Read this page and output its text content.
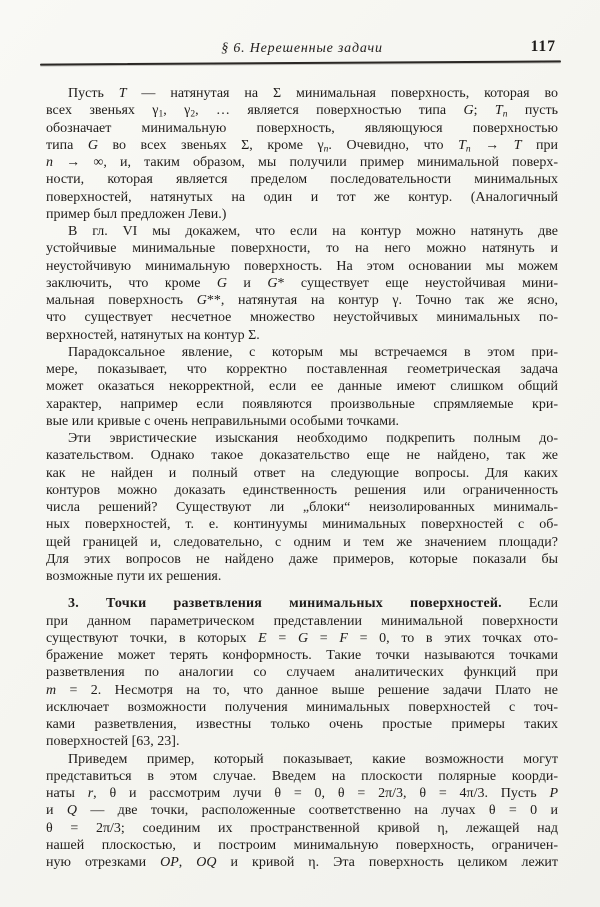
§ 6. Нерешенные задачи	117
Пусть T — натянутая на Σ минимальная поверхность, которая во
всех звеньях $\gamma_1$, $\gamma_2$, … является поверхностью типа G; $T_n$ пусть
обозначает минимальную поверхность, являющуюся поверхностью
типа G во всех звеньях Σ, кроме $\gamma_n$. Очевидно, что $T_n \to T$ при
n → ∞, и, таким образом, мы получили пример минимальной поверх-
ности, которая является пределом последовательности минимальных
поверхностей, натянутых на один и тот же контур. (Аналогичный
пример был предложен Леви.)
В гл. VI мы докажем, что если на контур можно натянуть две
устойчивые минимальные поверхности, то на него можно натянуть и
неустойчивую минимальную поверхность. На этом основании мы можем
заключить, что кроме G и G* существует еще неустойчивая мини-
мальная поверхность G**, натянутая на контур γ. Точно так же ясно,
что существует несчетное множество неустойчивых минимальных по-
верхностей, натянутых на контур Σ.
Парадоксальное явление, с которым мы встречаемся в этом при-
мере, показывает, что корректно поставленная геометрическая задача
может оказаться некорректной, если ее данные имеют слишком общий
характер, например если появляются произвольные спрямляемые кри-
вые или кривые с очень неправильными особыми точками.
Эти эвристические изыскания необходимо подкрепить полным до-
казательством. Однако такое доказательство еще не найдено, так же
как не найден и полный ответ на следующие вопросы. Для каких
контуров можно доказать единственность решения или ограниченность
числа решений? Существуют ли „блоки“ неизолированных минималь-
ных поверхностей, т. е. континуумы минимальных поверхностей с об-
щей границей и, следовательно, с одним и тем же значением площади?
Для этих вопросов не найдено даже примеров, которые показали бы
возможные пути их решения.
3. Точки разветвления минимальных поверхностей. Если
при данном параметрическом представлении минимальной поверхности
существуют точки, в которых E = G = F = 0, то в этих точках ото-
бражение может терять конформность. Такие точки называются точками
разветвления по аналогии со случаем аналитических функций при
m = 2. Несмотря на то, что данное выше решение задачи Плато не
исключает возможности получения минимальных поверхностей с точ-
ками разветвления, известны только очень простые примеры таких
поверхностей [63, 23].
Приведем пример, который показывает, какие возможности могут
представиться в этом случае. Введем на плоскости полярные коорди-
наты r, θ и рассмотрим лучи θ = 0, θ = 2π/3, θ = 4π/3. Пусть P
и Q — две точки, расположенные соответственно на лучах θ = 0 и
θ = 2π/3; соединим их пространственной кривой η, лежащей над
нашей плоскостью, и построим минимальную поверхность, ограничен-
ную отрезками OP, OQ и кривой η. Эта поверхность целиком лежит
